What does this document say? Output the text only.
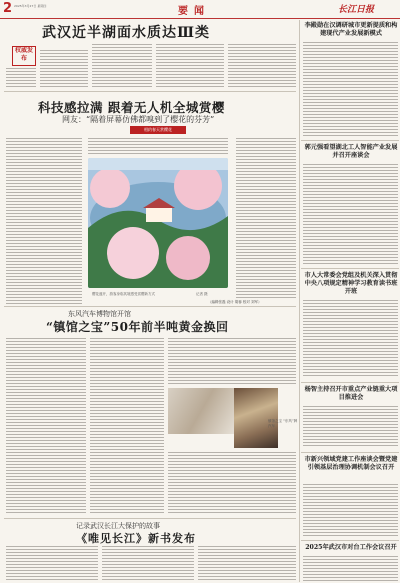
2 2025年3月27日 星期四	要闻	长江日报
武汉近半湖面水质达Ⅲ类
权威发布
科技感拉满 跟着无人机全城赏樱
网友：“隔着屏幕仿佛都嗅到了樱花的芬芳”
相约春天赏樱花
樱花盛开，游客身临其境感受赏樱新方式	记者 摄
（编辑张磊 设计 胡蓉 校对 刘军）
东风汽车博物馆开馆
“镇馆之宝”50年前半吨黄金换回
镇馆之宝 “东风”牌汽车
记录武汉长江大保护的故事
《唯见长江》新书发布
李殿勋在汉调研城市更新提质和构建现代产业发展新模式
郭元强看望湖北工人智能产业发展并召开座谈会
市人大常委会党组及机关深入贯彻中央八项规定精神学习教育读书班开班
杨智主持召开市重点产业链重大项目推进会
市新兴领域党建工作座谈会暨党建引领基层治理协调机制会议召开
2025年武汉市对台工作会议召开
